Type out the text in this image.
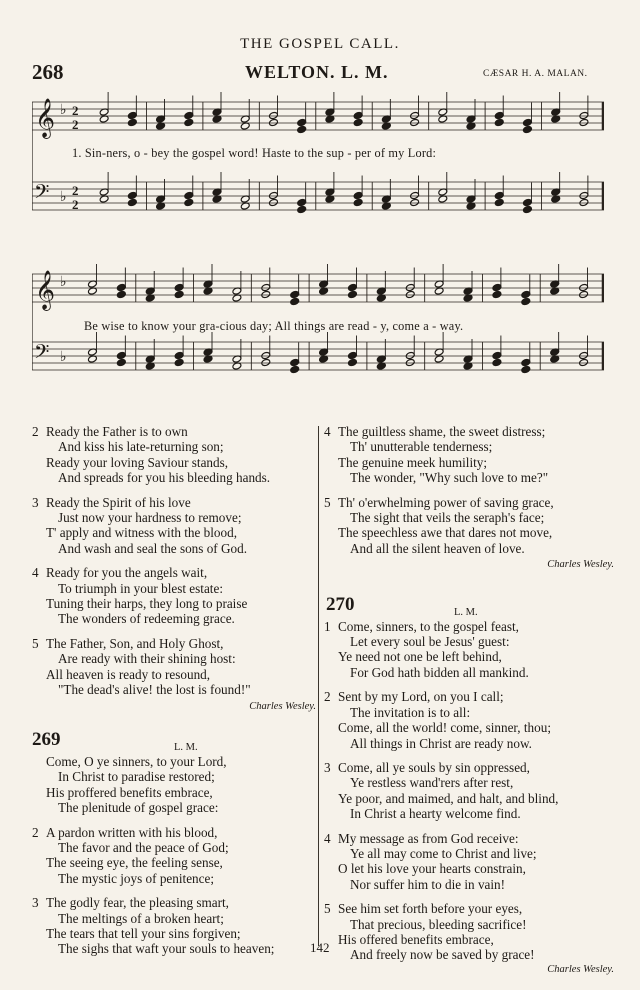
THE GOSPEL CALL.
268	WELTON. L. M.	CÆSAR H. A. MALAN.
𝄞
𝄢
♭
♭
2
2
2
2
1. Sin-ners, o - bey the gospel word! Haste to the sup - per of my Lord:
𝄞
𝄢
♭
♭
Be wise to know your gra-cious day; All things are read - y, come a - way.
2 Ready the Father is to own
And kiss his late-returning son;
Ready your loving Saviour stands,
And spreads for you his bleeding hands.
3 Ready the Spirit of his love
Just now your hardness to remove;
T' apply and witness with the blood,
And wash and seal the sons of God.
4 Ready for you the angels wait,
To triumph in your blest estate:
Tuning their harps, they long to praise
The wonders of redeeming grace.
5 The Father, Son, and Holy Ghost,
Are ready with their shining host:
All heaven is ready to resound,
"The dead's alive! the lost is found!"
Charles Wesley.
269	L. M.
Come, O ye sinners, to your Lord,
In Christ to paradise restored;
His proffered benefits embrace,
The plenitude of gospel grace:
2 A pardon written with his blood,
The favor and the peace of God;
The seeing eye, the feeling sense,
The mystic joys of penitence;
3 The godly fear, the pleasing smart,
The meltings of a broken heart;
The tears that tell your sins forgiven;
The sighs that waft your souls to heaven;
4 The guiltless shame, the sweet distress;
Th' unutterable tenderness;
The genuine meek humility;
The wonder, "Why such love to me?"
5 Th' o'erwhelming power of saving grace,
The sight that veils the seraph's face;
The speechless awe that dares not move,
And all the silent heaven of love.
Charles Wesley.
270	L. M.
1 Come, sinners, to the gospel feast,
Let every soul be Jesus' guest:
Ye need not one be left behind,
For God hath bidden all mankind.
2 Sent by my Lord, on you I call;
The invitation is to all:
Come, all the world! come, sinner, thou;
All things in Christ are ready now.
3 Come, all ye souls by sin oppressed,
Ye restless wand'rers after rest,
Ye poor, and maimed, and halt, and blind,
In Christ a hearty welcome find.
4 My message as from God receive:
Ye all may come to Christ and live;
O let his love your hearts constrain,
Nor suffer him to die in vain!
5 See him set forth before your eyes,
That precious, bleeding sacrifice!
His offered benefits embrace,
And freely now be saved by grace!
Charles Wesley.
142
